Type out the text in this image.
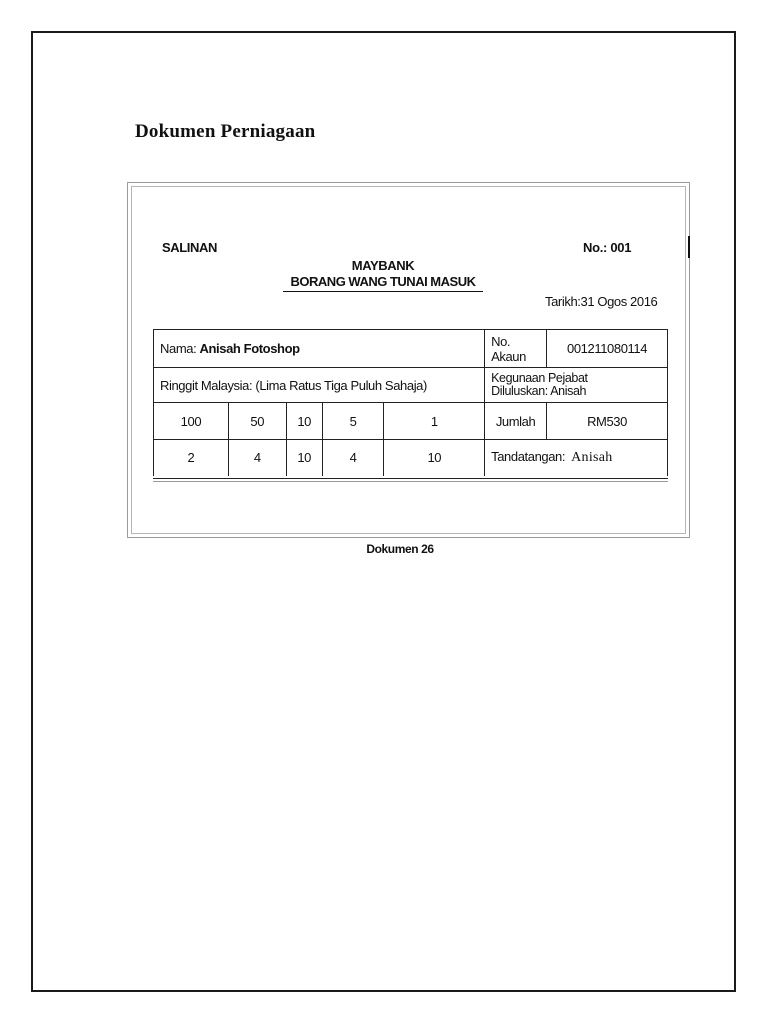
Dokumen Perniagaan
SALINAN
MAYBANK
BORANG WANG TUNAI MASUK
No.: 001
Tarikh:31 Ogos 2016
Nama: Anisah Fotoshop					No. Akaun	001211080114
Ringgit Malaysia: (Lima Ratus Tiga Puluh Sahaja)					Kegunaan Pejabat
Diluluskan: Anisah	

100	50	10	5	1	Jumlah	RM530
2	4	10	4	10	Tandatangan: Anisah	
Dokumen 26
